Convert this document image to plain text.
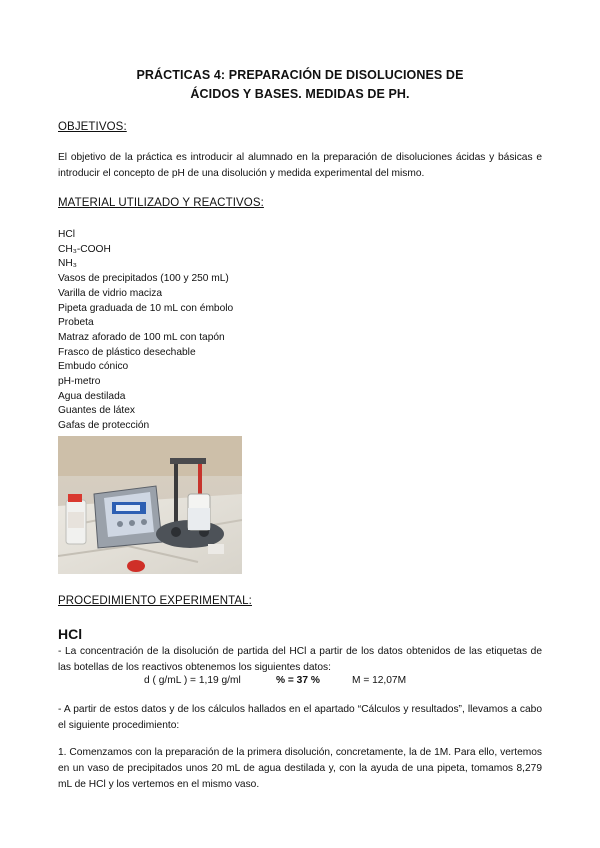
PRÁCTICAS 4: PREPARACIÓN DE DISOLUCIONES DE
ÁCIDOS Y BASES. MEDIDAS DE PH.
OBJETIVOS:
El objetivo de la práctica es introducir al alumnado en la preparación de disoluciones ácidas y básicas e introducir el concepto de pH de una disolución y medida experimental del mismo.
MATERIAL UTILIZADO Y REACTIVOS:
HCl
CH₃-COOH
NH₃
Vasos de precipitados (100 y 250 mL)
Varilla de vidrio maciza
Pipeta graduada de 10 mL con émbolo
Probeta
Matraz aforado de 100 mL con tapón
Frasco de plástico desechable
Embudo cónico
pH-metro
Agua destilada
Guantes de látex
Gafas de protección
PROCEDIMIENTO EXPERIMENTAL:
HCl
- La concentración de la disolución de partida del HCl a partir de los datos obtenidos de las etiquetas de las botellas de los reactivos obtenemos los siguientes datos:
d ( g/mL ) = 1,19 g/ml	% = 37 %	M = 12,07M
- A partir de estos datos y de los cálculos hallados en el apartado “Cálculos y resultados”, llevamos a cabo el siguiente procedimiento:
1. Comenzamos con la preparación de la primera disolución, concretamente, la de 1M. Para ello, vertemos en un vaso de precipitados unos 20 mL de agua destilada y, con la ayuda de una pipeta, tomamos 8,279 mL de HCl y los vertemos en el mismo vaso.
